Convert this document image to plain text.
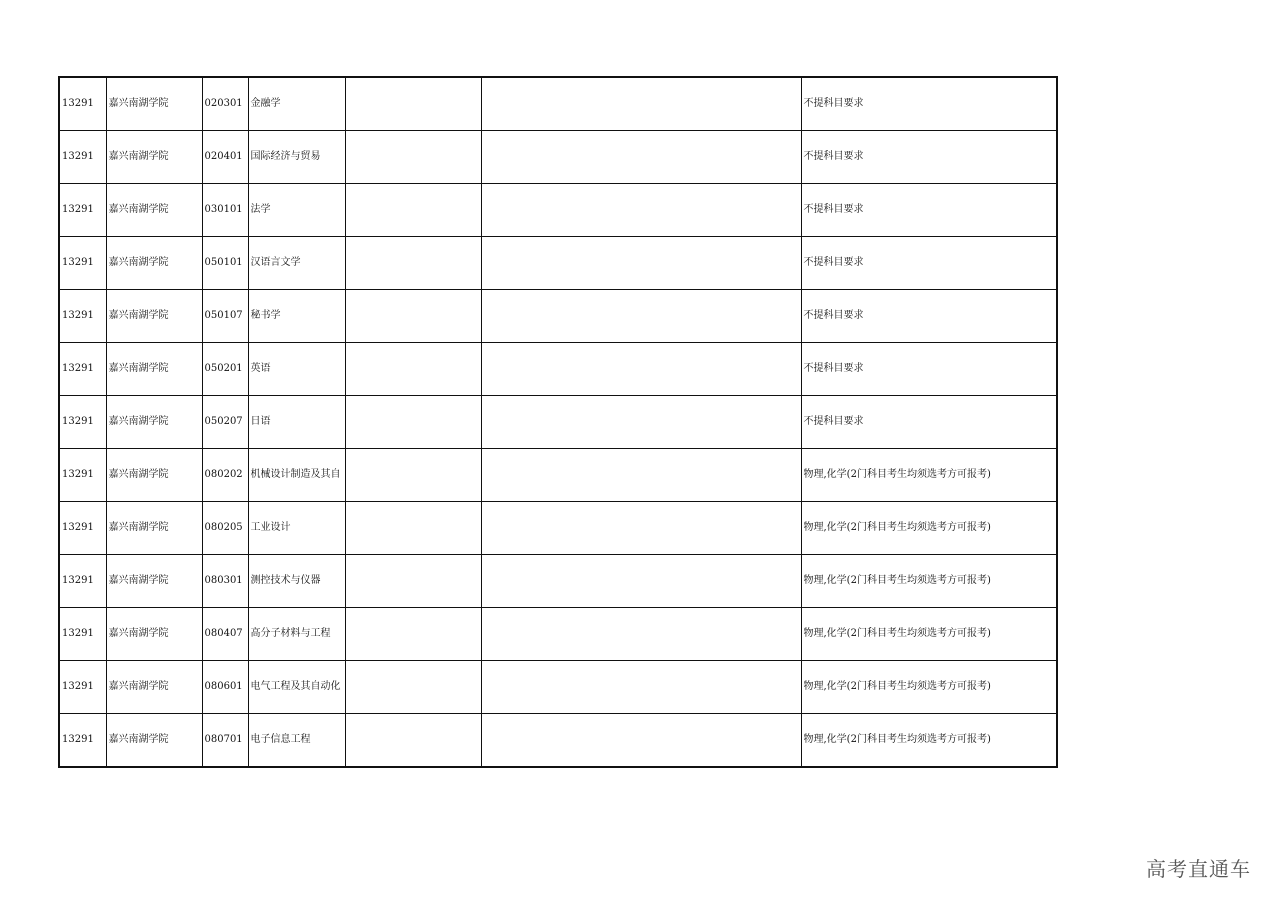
13291	嘉兴南湖学院	020301	金融学			不提科目要求
13291	嘉兴南湖学院	020401	国际经济与贸易			不提科目要求
13291	嘉兴南湖学院	030101	法学			不提科目要求
13291	嘉兴南湖学院	050101	汉语言文学			不提科目要求
13291	嘉兴南湖学院	050107	秘书学			不提科目要求
13291	嘉兴南湖学院	050201	英语			不提科目要求
13291	嘉兴南湖学院	050207	日语			不提科目要求
13291	嘉兴南湖学院	080202	机械设计制造及其自			物理,化学(2门科目考生均须选考方可报考)
13291	嘉兴南湖学院	080205	工业设计			物理,化学(2门科目考生均须选考方可报考)
13291	嘉兴南湖学院	080301	测控技术与仪器			物理,化学(2门科目考生均须选考方可报考)
13291	嘉兴南湖学院	080407	高分子材料与工程			物理,化学(2门科目考生均须选考方可报考)
13291	嘉兴南湖学院	080601	电气工程及其自动化			物理,化学(2门科目考生均须选考方可报考)
13291	嘉兴南湖学院	080701	电子信息工程			物理,化学(2门科目考生均须选考方可报考)
高考直通车
